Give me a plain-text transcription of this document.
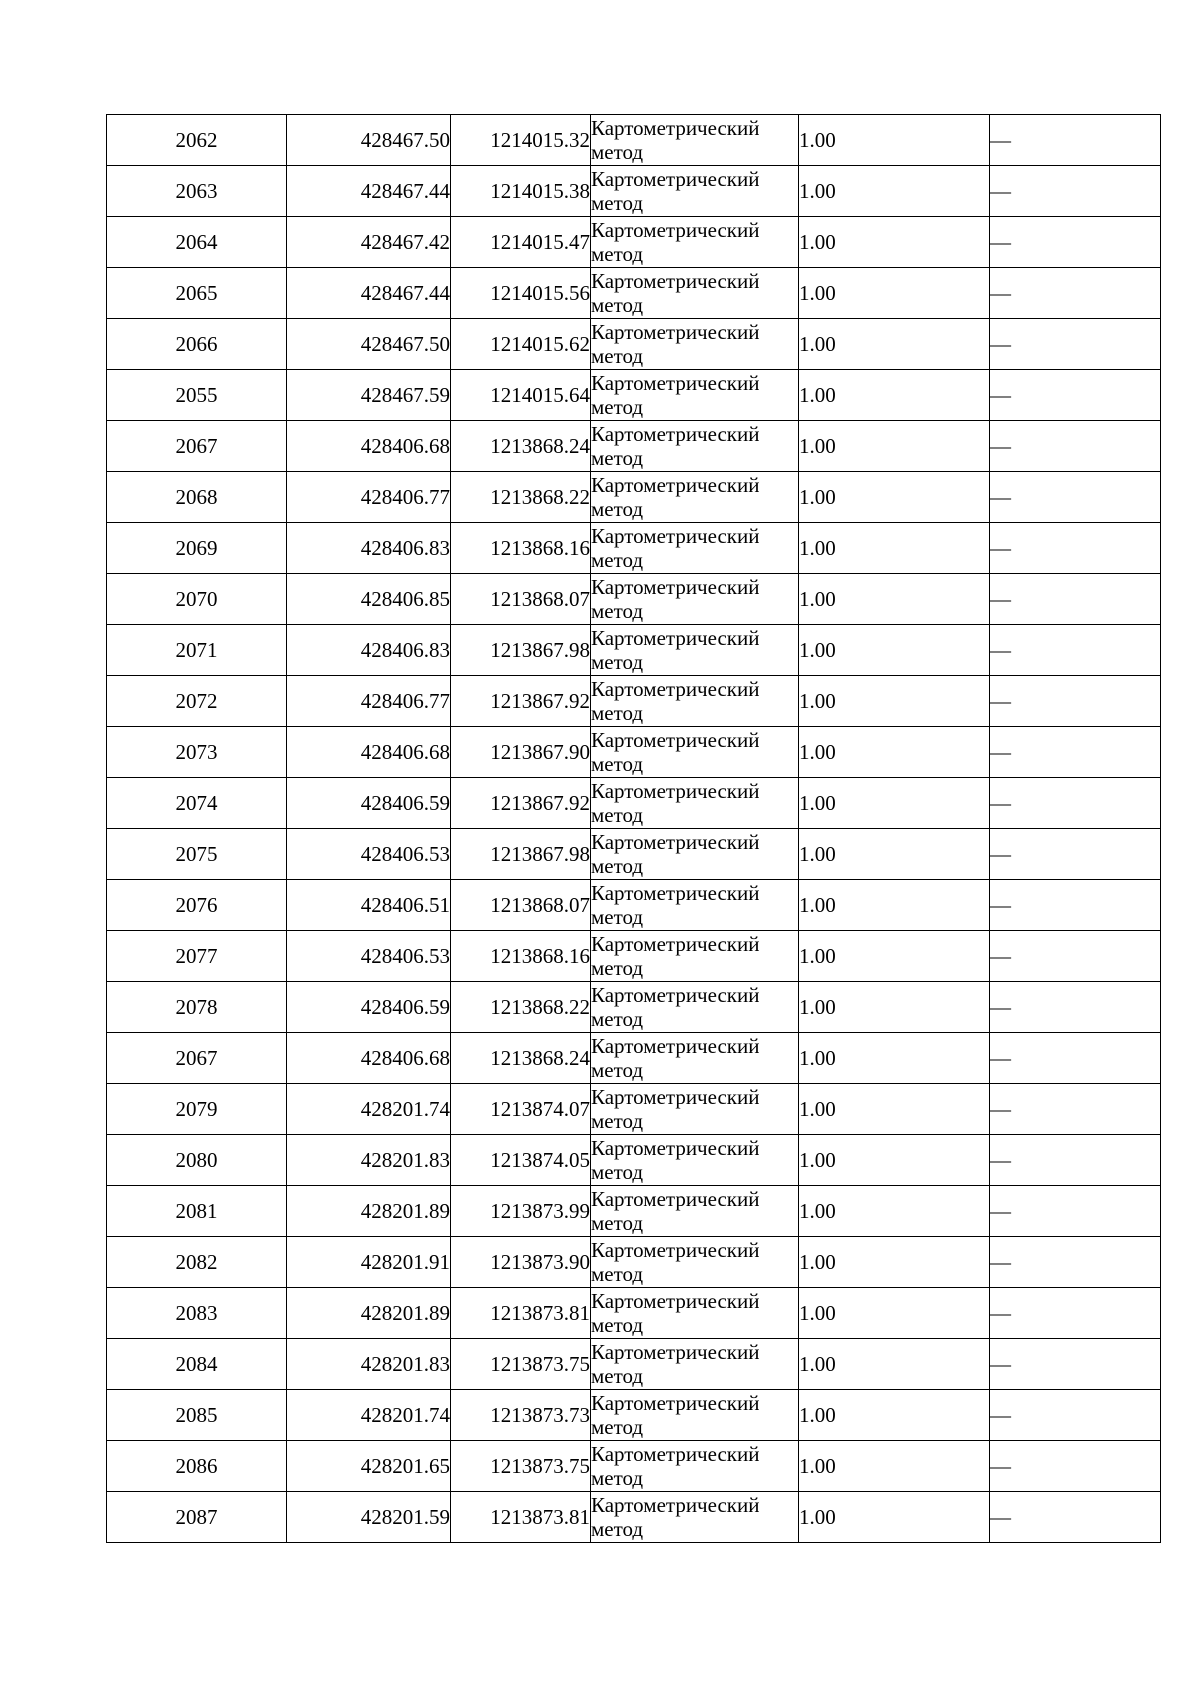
2062	428467.50	1214015.32	Картометрический
метод	1.00	—
2063	428467.44	1214015.38	Картометрический
метод	1.00	—
2064	428467.42	1214015.47	Картометрический
метод	1.00	—
2065	428467.44	1214015.56	Картометрический
метод	1.00	—
2066	428467.50	1214015.62	Картометрический
метод	1.00	—
2055	428467.59	1214015.64	Картометрический
метод	1.00	—
2067	428406.68	1213868.24	Картометрический
метод	1.00	—
2068	428406.77	1213868.22	Картометрический
метод	1.00	—
2069	428406.83	1213868.16	Картометрический
метод	1.00	—
2070	428406.85	1213868.07	Картометрический
метод	1.00	—
2071	428406.83	1213867.98	Картометрический
метод	1.00	—
2072	428406.77	1213867.92	Картометрический
метод	1.00	—
2073	428406.68	1213867.90	Картометрический
метод	1.00	—
2074	428406.59	1213867.92	Картометрический
метод	1.00	—
2075	428406.53	1213867.98	Картометрический
метод	1.00	—
2076	428406.51	1213868.07	Картометрический
метод	1.00	—
2077	428406.53	1213868.16	Картометрический
метод	1.00	—
2078	428406.59	1213868.22	Картометрический
метод	1.00	—
2067	428406.68	1213868.24	Картометрический
метод	1.00	—
2079	428201.74	1213874.07	Картометрический
метод	1.00	—
2080	428201.83	1213874.05	Картометрический
метод	1.00	—
2081	428201.89	1213873.99	Картометрический
метод	1.00	—
2082	428201.91	1213873.90	Картометрический
метод	1.00	—
2083	428201.89	1213873.81	Картометрический
метод	1.00	—
2084	428201.83	1213873.75	Картометрический
метод	1.00	—
2085	428201.74	1213873.73	Картометрический
метод	1.00	—
2086	428201.65	1213873.75	Картометрический
метод	1.00	—
2087	428201.59	1213873.81	Картометрический
метод	1.00	—
